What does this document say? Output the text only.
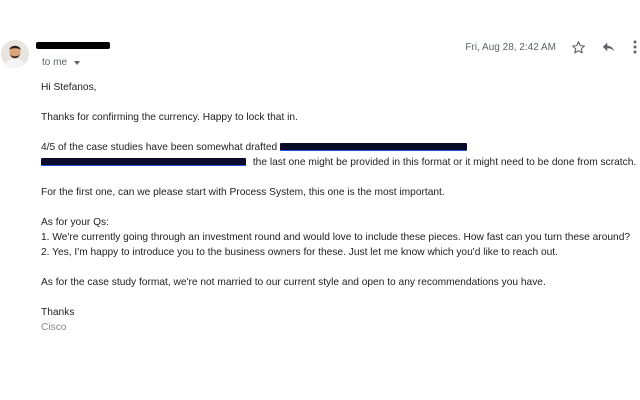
to me
Fri, Aug 28, 2:42 AM

Hi Stefanos,

Thanks for confirming the currency. Happy to lock that in.

4/5 of the case studies have been somewhat drafted
the last one might be provided in this format or it might need to be done from scratch.

For the first one, can we please start with Process System, this one is the most important.

As for your Qs:
1. We're currently going through an investment round and would love to include these pieces. How fast can you turn these around?
2. Yes, I'm happy to introduce you to the business owners for these. Just let me know which you'd like to reach out.

As for the case study format, we're not married to our current style and open to any recommendations you have.

Thanks
Cisco
